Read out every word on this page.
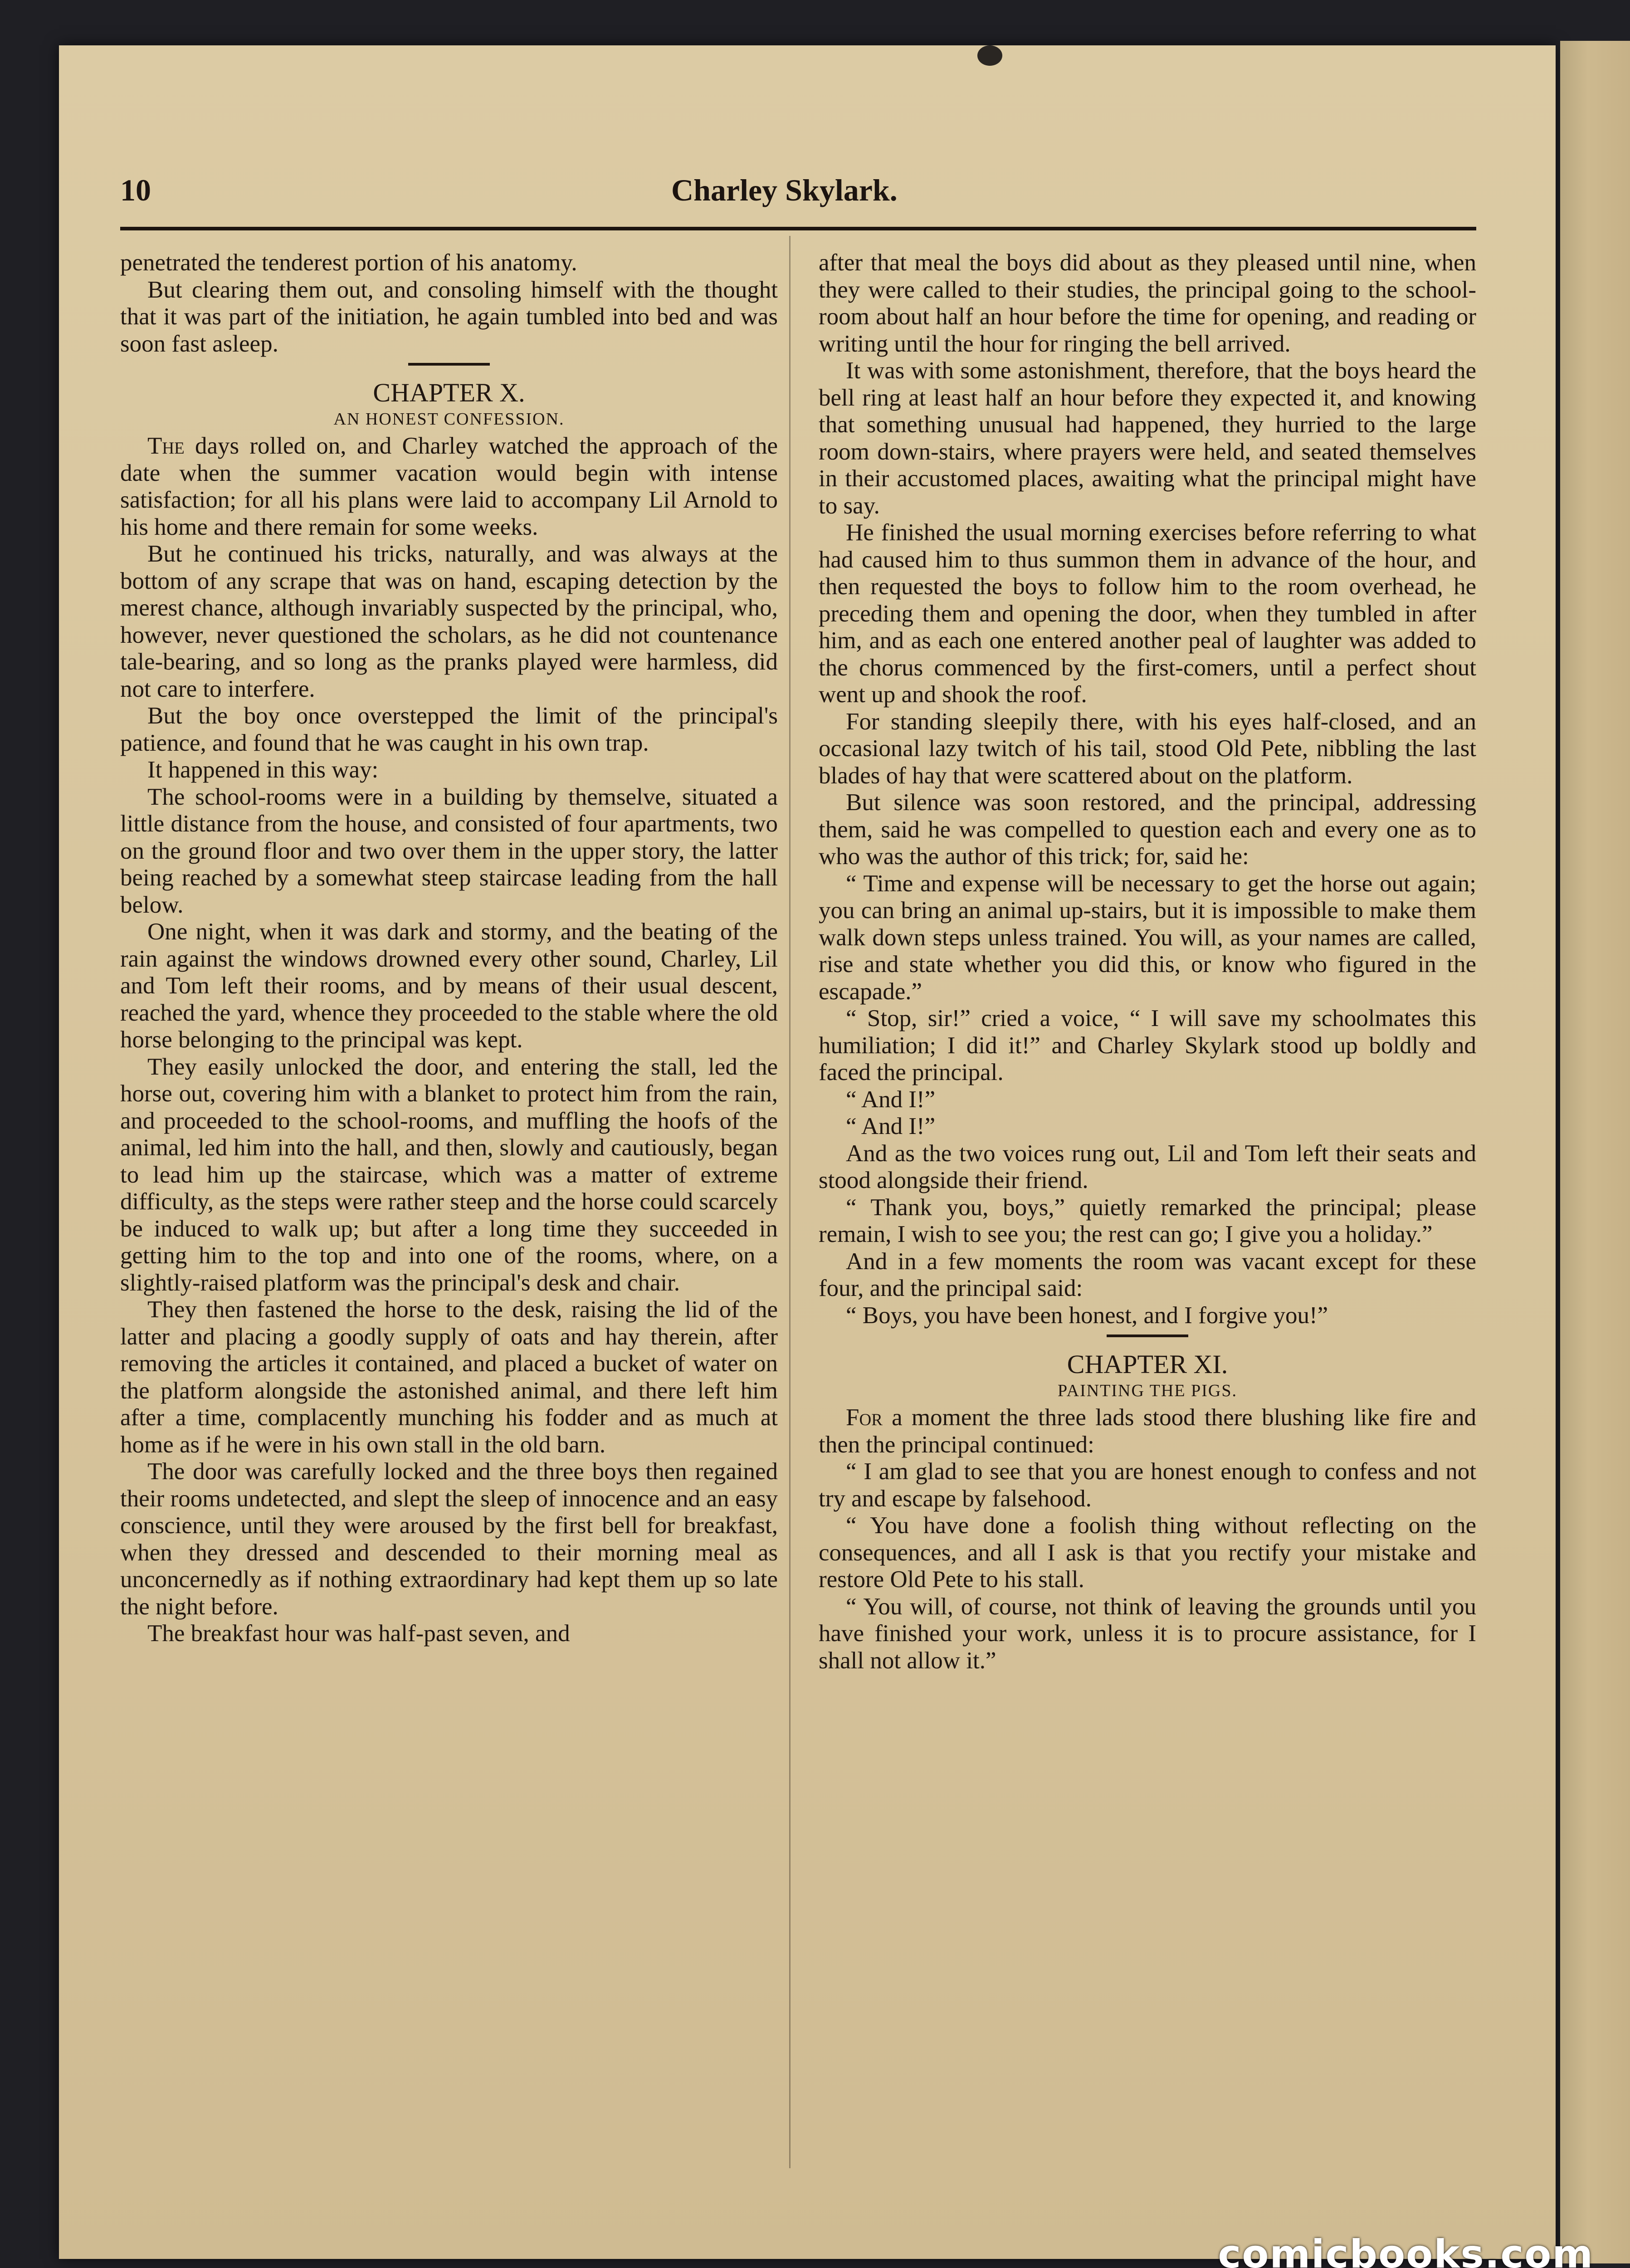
10	Charley Skylark.

penetrated the tenderest portion of his anatomy.

But clearing them out, and consoling himself with the thought that it was part of the initiation, he again tumbled into bed and was soon fast asleep.

CHAPTER X.
AN HONEST CONFESSION.

The days rolled on, and Charley watched the approach of the date when the summer vacation would begin with intense satisfaction; for all his plans were laid to accompany Lil Arnold to his home and there remain for some weeks.

But he continued his tricks, naturally, and was always at the bottom of any scrape that was on hand, escaping detection by the merest chance, although invariably suspected by the principal, who, however, never questioned the scholars, as he did not countenance tale-bearing, and so long as the pranks played were harmless, did not care to interfere.

But the boy once overstepped the limit of the principal's patience, and found that he was caught in his own trap.

It happened in this way:

The school-rooms were in a building by themselve, situated a little distance from the house, and consisted of four apartments, two on the ground floor and two over them in the upper story, the latter being reached by a somewhat steep staircase leading from the hall below.

One night, when it was dark and stormy, and the beating of the rain against the windows drowned every other sound, Charley, Lil and Tom left their rooms, and by means of their usual descent, reached the yard, whence they proceeded to the stable where the old horse belonging to the principal was kept.

They easily unlocked the door, and entering the stall, led the horse out, covering him with a blanket to protect him from the rain, and proceeded to the school-rooms, and muffling the hoofs of the animal, led him into the hall, and then, slowly and cautiously, began to lead him up the staircase, which was a matter of extreme difficulty, as the steps were rather steep and the horse could scarcely be induced to walk up; but after a long time they succeeded in getting him to the top and into one of the rooms, where, on a slightly-raised platform was the principal's desk and chair.

They then fastened the horse to the desk, raising the lid of the latter and placing a goodly supply of oats and hay therein, after removing the articles it contained, and placed a bucket of water on the platform alongside the astonished animal, and there left him after a time, complacently munching his fodder and as much at home as if he were in his own stall in the old barn.

The door was carefully locked and the three boys then regained their rooms undetected, and slept the sleep of innocence and an easy conscience, until they were aroused by the first bell for breakfast, when they dressed and descended to their morning meal as unconcernedly as if nothing extraordinary had kept them up so late the night before.

The breakfast hour was half-past seven, and

after that meal the boys did about as they pleased until nine, when they were called to their studies, the principal going to the school-room about half an hour before the time for opening, and reading or writing until the hour for ringing the bell arrived.

It was with some astonishment, therefore, that the boys heard the bell ring at least half an hour before they expected it, and knowing that something unusual had happened, they hurried to the large room down-stairs, where prayers were held, and seated themselves in their accustomed places, awaiting what the principal might have to say.

He finished the usual morning exercises before referring to what had caused him to thus summon them in advance of the hour, and then requested the boys to follow him to the room overhead, he preceding them and opening the door, when they tumbled in after him, and as each one entered another peal of laughter was added to the chorus commenced by the first-comers, until a perfect shout went up and shook the roof.

For standing sleepily there, with his eyes half-closed, and an occasional lazy twitch of his tail, stood Old Pete, nibbling the last blades of hay that were scattered about on the platform.

But silence was soon restored, and the principal, addressing them, said he was compelled to question each and every one as to who was the author of this trick; for, said he:

“ Time and expense will be necessary to get the horse out again; you can bring an animal up-stairs, but it is impossible to make them walk down steps unless trained. You will, as your names are called, rise and state whether you did this, or know who figured in the escapade.”

“ Stop, sir!” cried a voice, “ I will save my schoolmates this humiliation; I did it!” and Charley Skylark stood up boldly and faced the principal.

“ And I!”

“ And I!”

And as the two voices rung out, Lil and Tom left their seats and stood alongside their friend.

“ Thank you, boys,” quietly remarked the principal; please remain, I wish to see you; the rest can go; I give you a holiday.”

And in a few moments the room was vacant except for these four, and the principal said:

“ Boys, you have been honest, and I forgive you!”

CHAPTER XI.
PAINTING THE PIGS.

For a moment the three lads stood there blushing like fire and then the principal continued:

“ I am glad to see that you are honest enough to confess and not try and escape by falsehood.

“ You have done a foolish thing without reflecting on the consequences, and all I ask is that you rectify your mistake and restore Old Pete to his stall.

“ You will, of course, not think of leaving the grounds until you have finished your work, unless it is to procure assistance, for I shall not allow it.”

comicbooks.com
